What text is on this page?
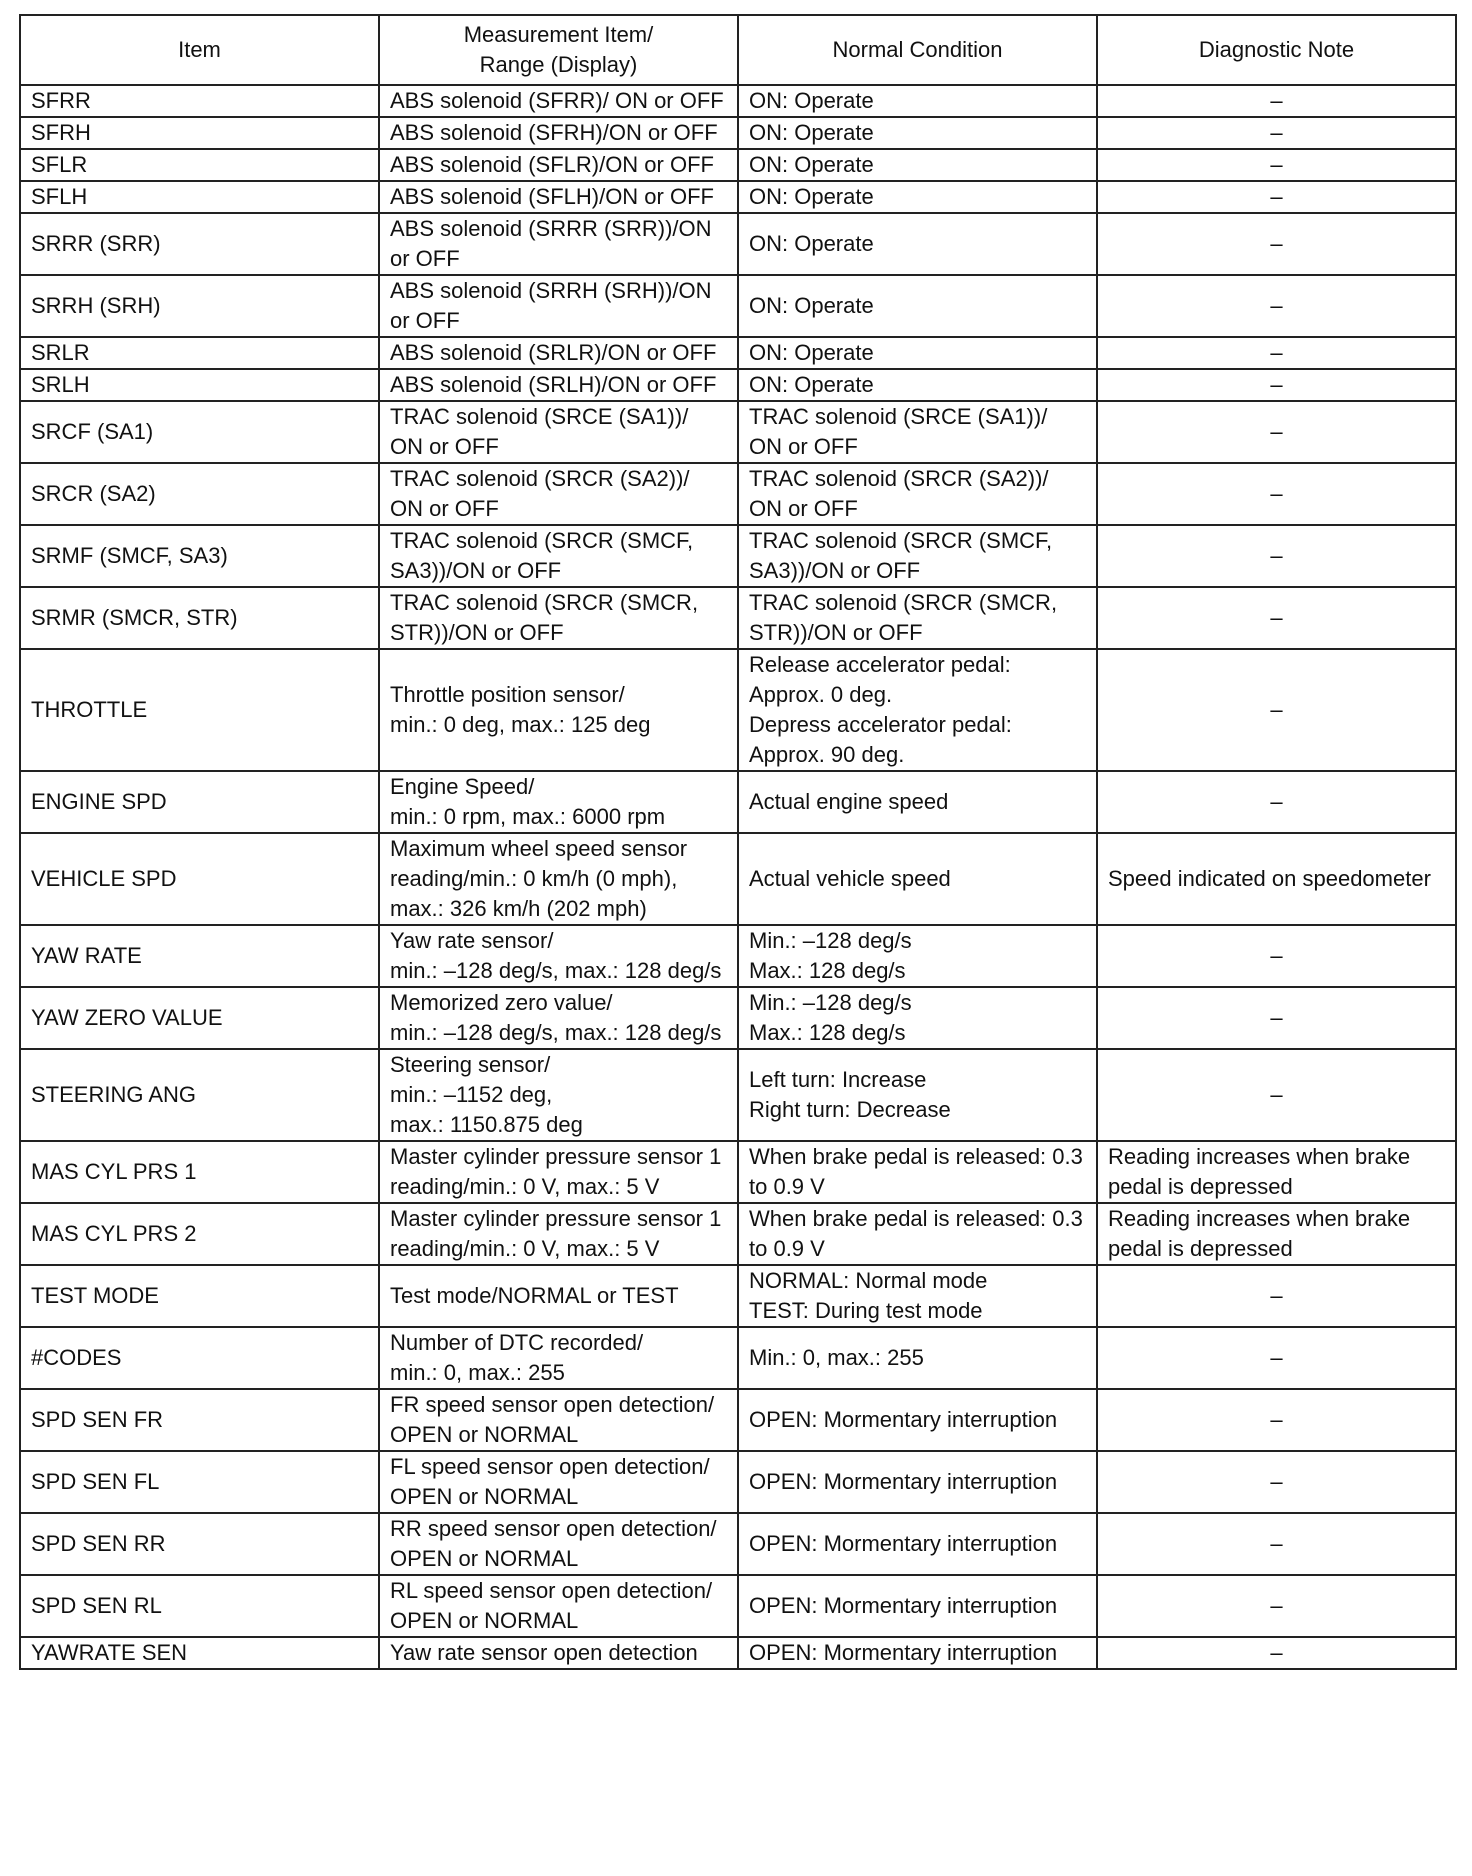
Item	Measurement Item/
Range (Display)	Normal Condition	Diagnostic Note
SFRR	ABS solenoid (SFRR)/ ON or OFF	ON: Operate	–
SFRH	ABS solenoid (SFRH)/ON or OFF	ON: Operate	–
SFLR	ABS solenoid (SFLR)/ON or OFF	ON: Operate	–
SFLH	ABS solenoid (SFLH)/ON or OFF	ON: Operate	–
SRRR (SRR)	ABS solenoid (SRRR (SRR))/ON
or OFF	ON: Operate	–
SRRH (SRH)	ABS solenoid (SRRH (SRH))/ON
or OFF	ON: Operate	–
SRLR	ABS solenoid (SRLR)/ON or OFF	ON: Operate	–
SRLH	ABS solenoid (SRLH)/ON or OFF	ON: Operate	–
SRCF (SA1)	TRAC solenoid (SRCE (SA1))/
ON or OFF	TRAC solenoid (SRCE (SA1))/
ON or OFF	–
SRCR (SA2)	TRAC solenoid (SRCR (SA2))/
ON or OFF	TRAC solenoid (SRCR (SA2))/
ON or OFF	–
SRMF (SMCF, SA3)	TRAC solenoid (SRCR (SMCF,
SA3))/ON or OFF	TRAC solenoid (SRCR (SMCF,
SA3))/ON or OFF	–
SRMR (SMCR, STR)	TRAC solenoid (SRCR (SMCR,
STR))/ON or OFF	TRAC solenoid (SRCR (SMCR,
STR))/ON or OFF	–
THROTTLE	Throttle position sensor/
min.: 0 deg, max.: 125 deg	Release accelerator pedal:
Approx. 0 deg.
Depress accelerator pedal:
Approx. 90 deg.	–
ENGINE SPD	Engine Speed/
min.: 0 rpm, max.: 6000 rpm	Actual engine speed	–
VEHICLE SPD	Maximum wheel speed sensor
reading/min.: 0 km/h (0 mph),
max.: 326 km/h (202 mph)	Actual vehicle speed	Speed indicated on speedometer
YAW RATE	Yaw rate sensor/
min.: –128 deg/s, max.: 128 deg/s	Min.: –128 deg/s
Max.: 128 deg/s	–
YAW ZERO VALUE	Memorized zero value/
min.: –128 deg/s, max.: 128 deg/s	Min.: –128 deg/s
Max.: 128 deg/s	–
STEERING ANG	Steering sensor/
min.: –1152 deg,
max.: 1150.875 deg	Left turn: Increase
Right turn: Decrease	–
MAS CYL PRS 1	Master cylinder pressure sensor 1
reading/min.: 0 V, max.: 5 V	When brake pedal is released: 0.3
to 0.9 V	Reading increases when brake
pedal is depressed
MAS CYL PRS 2	Master cylinder pressure sensor 1
reading/min.: 0 V, max.: 5 V	When brake pedal is released: 0.3
to 0.9 V	Reading increases when brake
pedal is depressed
TEST MODE	Test mode/NORMAL or TEST	NORMAL: Normal mode
TEST: During test mode	–
#CODES	Number of DTC recorded/
min.: 0, max.: 255	Min.: 0, max.: 255	–
SPD SEN FR	FR speed sensor open detection/
OPEN or NORMAL	OPEN: Mormentary interruption	–
SPD SEN FL	FL speed sensor open detection/
OPEN or NORMAL	OPEN: Mormentary interruption	–
SPD SEN RR	RR speed sensor open detection/
OPEN or NORMAL	OPEN: Mormentary interruption	–
SPD SEN RL	RL speed sensor open detection/
OPEN or NORMAL	OPEN: Mormentary interruption	–
YAWRATE SEN	Yaw rate sensor open detection	OPEN: Mormentary interruption	–
